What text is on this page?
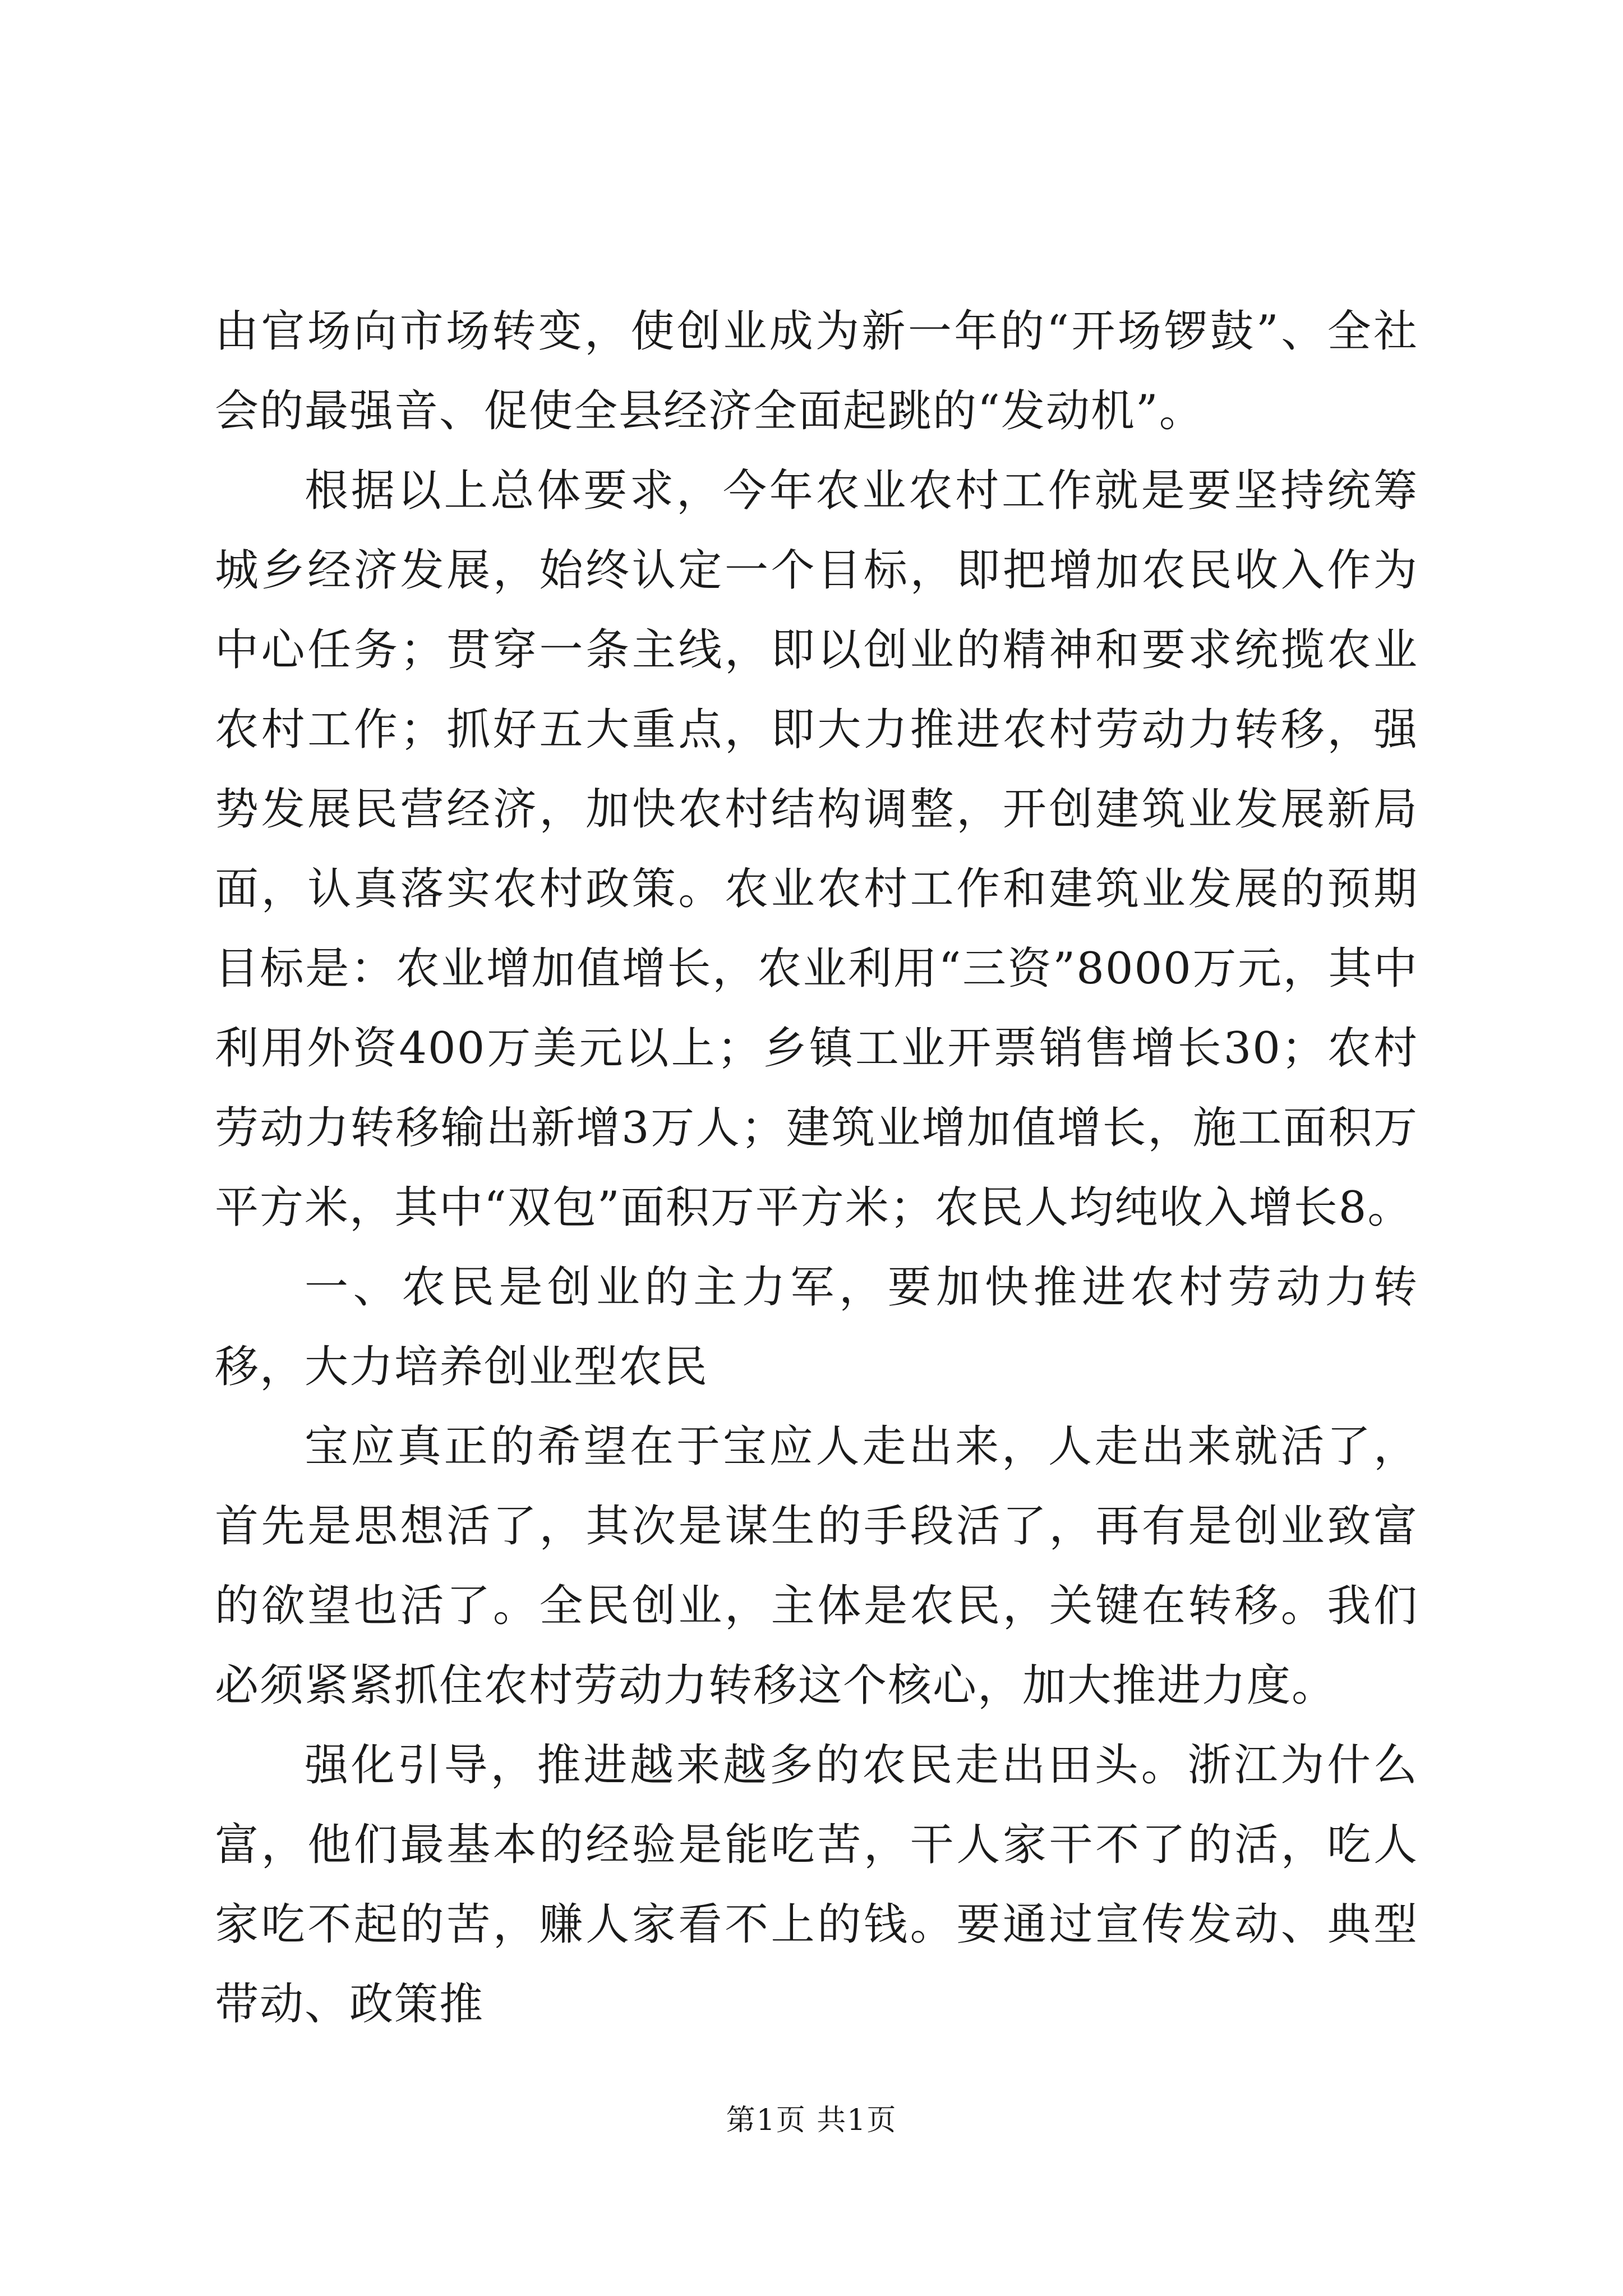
由官场向市场转变，使创业成为新一年的“开场锣鼓”、全社会的最强音、促使全县经济全面起跳的“发动机”。

根据以上总体要求，今年农业农村工作就是要坚持统筹城乡经济发展，始终认定一个目标，即把增加农民收入作为中心任务；贯穿一条主线，即以创业的精神和要求统揽农业农村工作；抓好五大重点，即大力推进农村劳动力转移，强势发展民营经济，加快农村结构调整，开创建筑业发展新局面，认真落实农村政策。农业农村工作和建筑业发展的预期目标是：农业增加值增长，农业利用“三资”8000万元，其中利用外资400万美元以上；乡镇工业开票销售增长30；农村劳动力转移输出新增3万人；建筑业增加值增长，施工面积万平方米，其中“双包”面积万平方米；农民人均纯收入增长8。

一、农民是创业的主力军，要加快推进农村劳动力转移，大力培养创业型农民

宝应真正的希望在于宝应人走出来，人走出来就活了，首先是思想活了，其次是谋生的手段活了，再有是创业致富的欲望也活了。全民创业，主体是农民，关键在转移。我们必须紧紧抓住农村劳动力转移这个核心，加大推进力度。

强化引导，推进越来越多的农民走出田头。浙江为什么富，他们最基本的经验是能吃苦，干人家干不了的活，吃人家吃不起的苦，赚人家看不上的钱。要通过宣传发动、典型带动、政策推

第1页 共1页
